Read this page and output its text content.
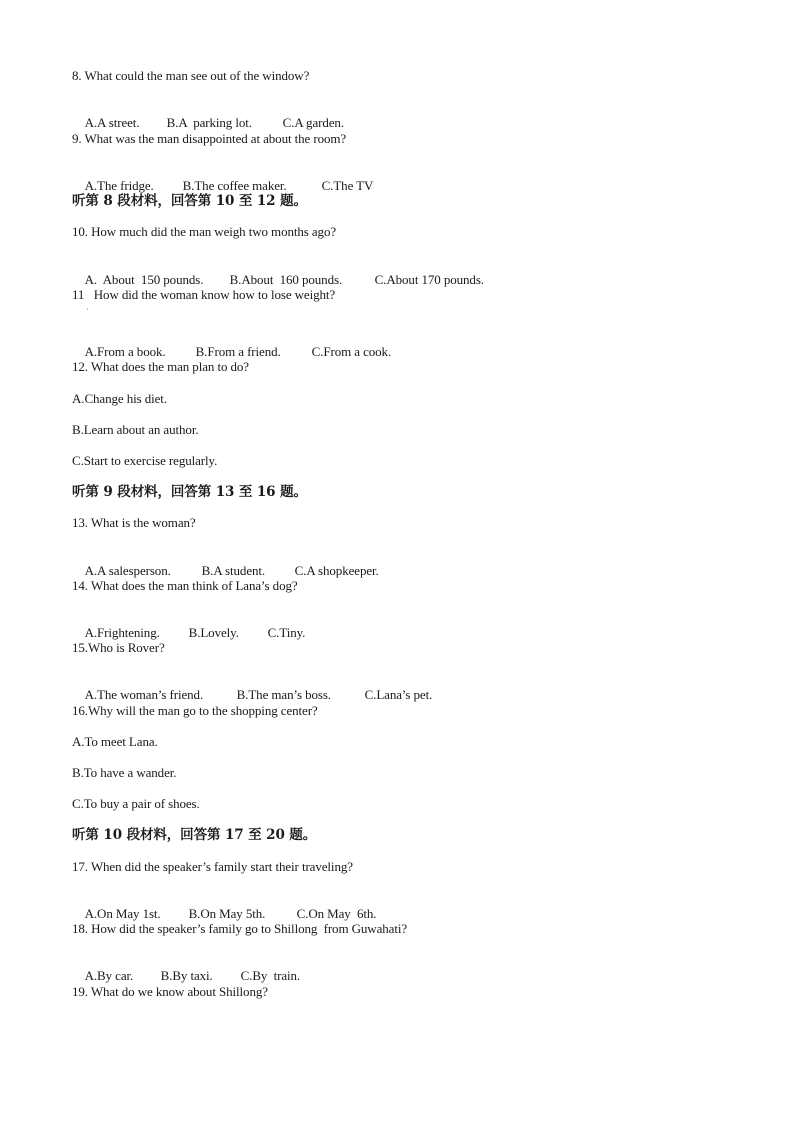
8. What could the man see out of the window?

A.A street. B.A  parking lot. C.A garden.

9. What was the man disappointed at about the room?

A.The fridge. B.The coffee maker.	C.The TV

听第 8 段材料，回答第 10 至 12 题。
10. How much did the man weigh two months ago?

A.  About  150 pounds. B.About  160 pounds.	C.About 170 pounds.

11   How did the woman know how to lose weight?
·

A.From a book. B.From a friend. C.From a cook.

12. What does the man plan to do?
A.Change his diet.
B.Learn about an author.
C.Start to exercise regularly.
听第 9 段材料，回答第 13 至 16 题。
13. What is the woman?

A.A salesperson. B.A student. C.A shopkeeper.

14. What does the man think of Lana’s dog?

A.Frightening. B.Lovely. C.Tiny.

15.Who is Rover?

A.The woman’s friend.	B.The man’s boss.	C.Lana’s pet.

16.Why will the man go to the shopping center?
A.To meet Lana.
B.To have a wander.
C.To buy a pair of shoes.
听第 10 段材料，回答第 17 至 20 题。
17. When did the speaker’s family start their traveling?

A.On May 1st. B.On May 5th. C.On May  6th.

18. How did the speaker’s family go to Shillong  from Guwahati?

A.By car. B.By taxi. C.By  train.

19. What do we know about Shillong?
